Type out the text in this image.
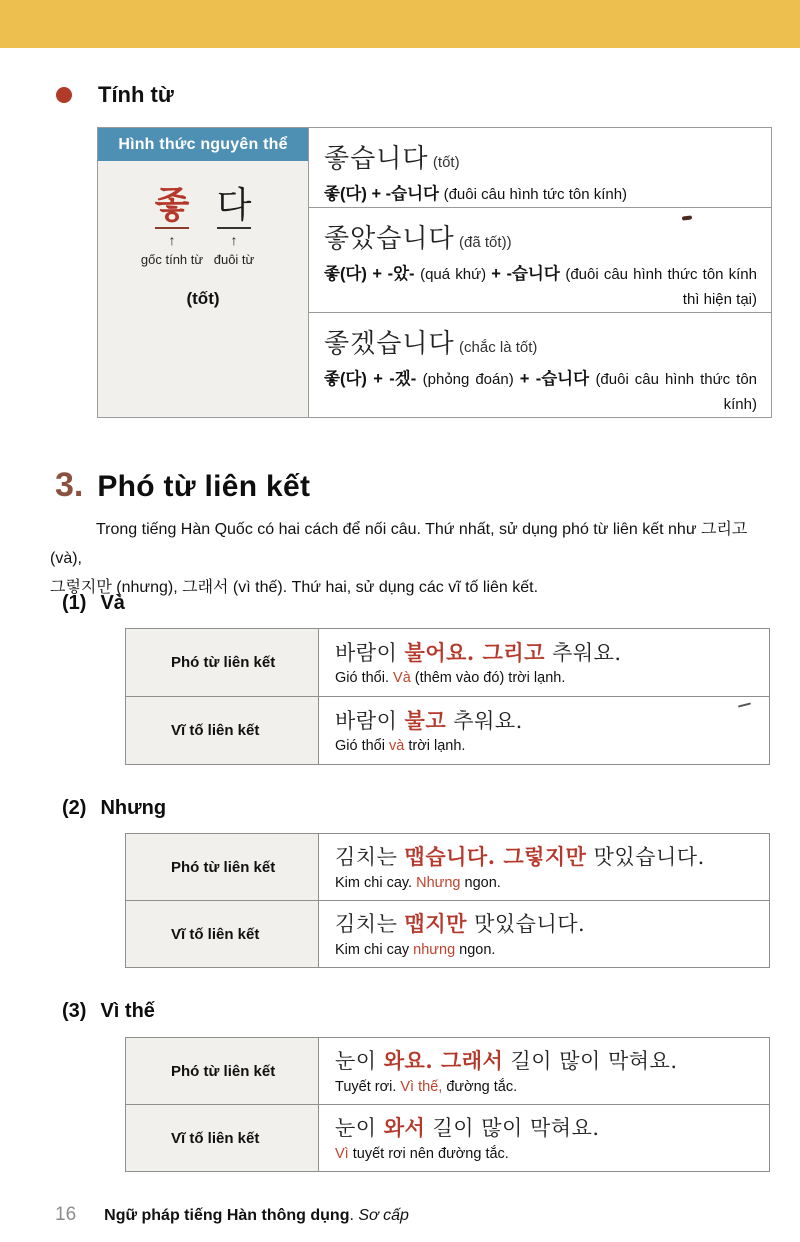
Tính từ
Hình thức nguyên thể
좋
↑
gốc tính từ
다
↑
đuôi từ
(tốt)
좋습니다 (tốt)
좋(다) + -습니다 (đuôi câu hình tức tôn kính)
좋았습니다 (đã tốt))
좋(다) + -았- (quá khứ) + -습니다 (đuôi câu hình thức tôn kính thì hiện tại)
좋겠습니다 (chắc là tốt)
좋(다) + -겠- (phỏng đoán) + -습니다 (đuôi câu hình thức tôn kính)
3. Phó từ liên kết
Trong tiếng Hàn Quốc có hai cách để nối câu. Thứ nhất, sử dụng phó từ liên kết như 그리고 (và),
그렇지만 (nhưng), 그래서 (vì thế). Thứ hai, sử dụng các vĩ tố liên kết.
(1) Và
Phó từ liên kết	바람이 불어요. 그리고 추워요.
Gió thổi. Và (thêm vào đó) trời lạnh.
Vĩ tố liên kết	바람이 불고 추워요.
Gió thổi và trời lạnh.
(2) Nhưng
Phó từ liên kết	김치는 맵습니다. 그렇지만 맛있습니다.
Kim chi cay. Nhưng ngon.
Vĩ tố liên kết	김치는 맵지만 맛있습니다.
Kim chi cay nhưng ngon.
(3) Vì thế
Phó từ liên kết	눈이 와요. 그래서 길이 많이 막혀요.
Tuyết rơi. Vì thế, đường tắc.
Vĩ tố liên kết	눈이 와서 길이 많이 막혀요.
Vì tuyết rơi nên đường tắc.
16 Ngữ pháp tiếng Hàn thông dụng. Sơ cấp
